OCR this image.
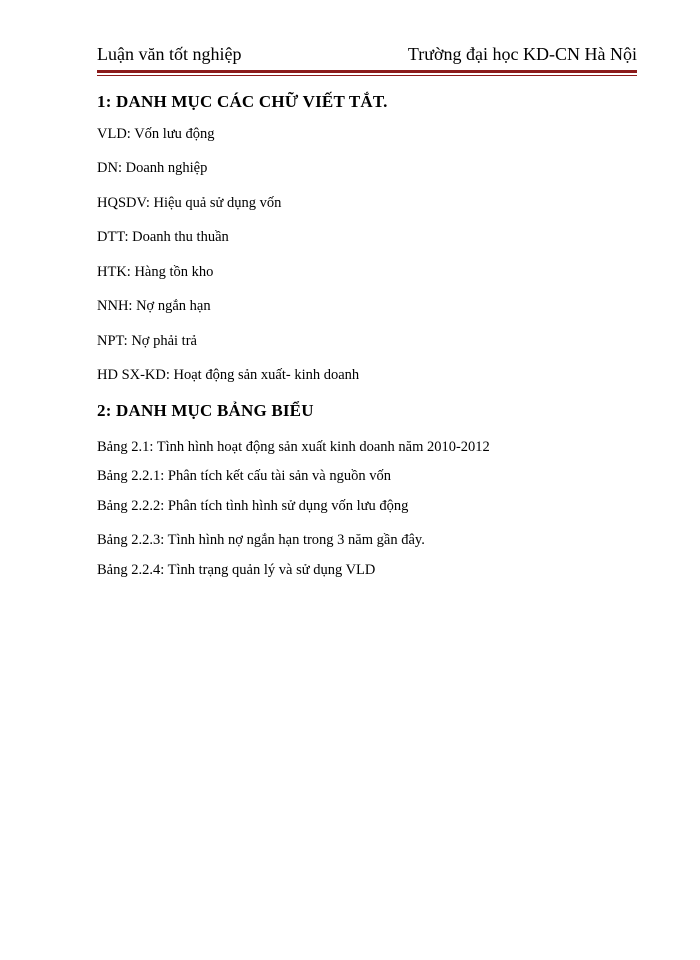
Luận văn tốt nghiệp	Trường đại học KD-CN Hà Nội
1: DANH MỤC CÁC CHỮ VIẾT TẮT.
VLD: Vốn lưu động
DN: Doanh nghiệp
HQSDV: Hiệu quả sử dụng vốn
DTT: Doanh thu thuần
HTK: Hàng tồn kho
NNH: Nợ ngắn hạn
NPT: Nợ phải trả
HD SX-KD: Hoạt động sản xuất- kinh doanh
2: DANH MỤC BẢNG BIỂU
Bảng 2.1: Tình hình hoạt động sản xuất kinh doanh năm 2010-2012
Bảng 2.2.1: Phân tích kết cấu tài sản và nguồn vốn
Bảng 2.2.2: Phân tích tình hình sử dụng vốn lưu động
Bảng 2.2.3: Tình hình nợ ngắn hạn trong 3 năm gần đây.
Bảng 2.2.4: Tình trạng quản lý và sử dụng VLD
